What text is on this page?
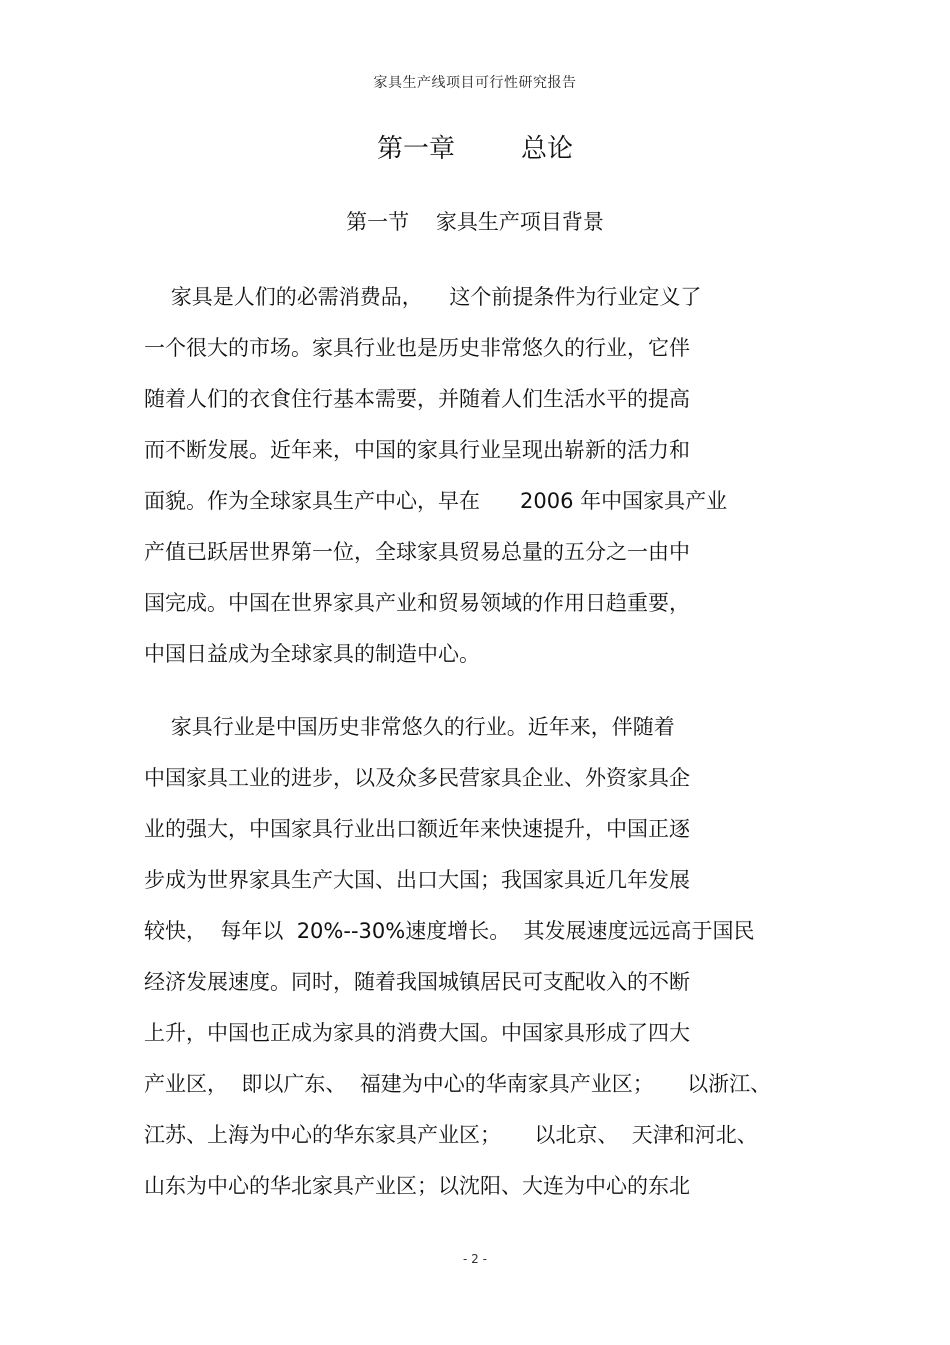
家具生产线项目可行性研究报告
第一章        总论
第一节    家具生产项目背景
家具是人们的必需消费品，    这个前提条件为行业定义了
一个很大的市场。家具行业也是历史非常悠久的行业，它伴
随着人们的衣食住行基本需要，并随着人们生活水平的提高
而不断发展。近年来，中国的家具行业呈现出崭新的活力和
面貌。作为全球家具生产中心，早在      2006 年中国家具产业
产值已跃居世界第一位，全球家具贸易总量的五分之一由中
国完成。中国在世界家具产业和贸易领域的作用日趋重要，
中国日益成为全球家具的制造中心。
家具行业是中国历史非常悠久的行业。近年来，伴随着
中国家具工业的进步，以及众多民营家具企业、外资家具企
业的强大，中国家具行业出口额近年来快速提升，中国正逐
步成为世界家具生产大国、出口大国；我国家具近几年发展
较快，  每年以  20%--30%速度增长。  其发展速度远远高于国民
经济发展速度。同时，随着我国城镇居民可支配收入的不断
上升，中国也正成为家具的消费大国。中国家具形成了四大
产业区，  即以广东、  福建为中心的华南家具产业区；     以浙江、
江苏、上海为中心的华东家具产业区；     以北京、  天津和河北、
山东为中心的华北家具产业区；以沈阳、大连为中心的东北
- 2 -
